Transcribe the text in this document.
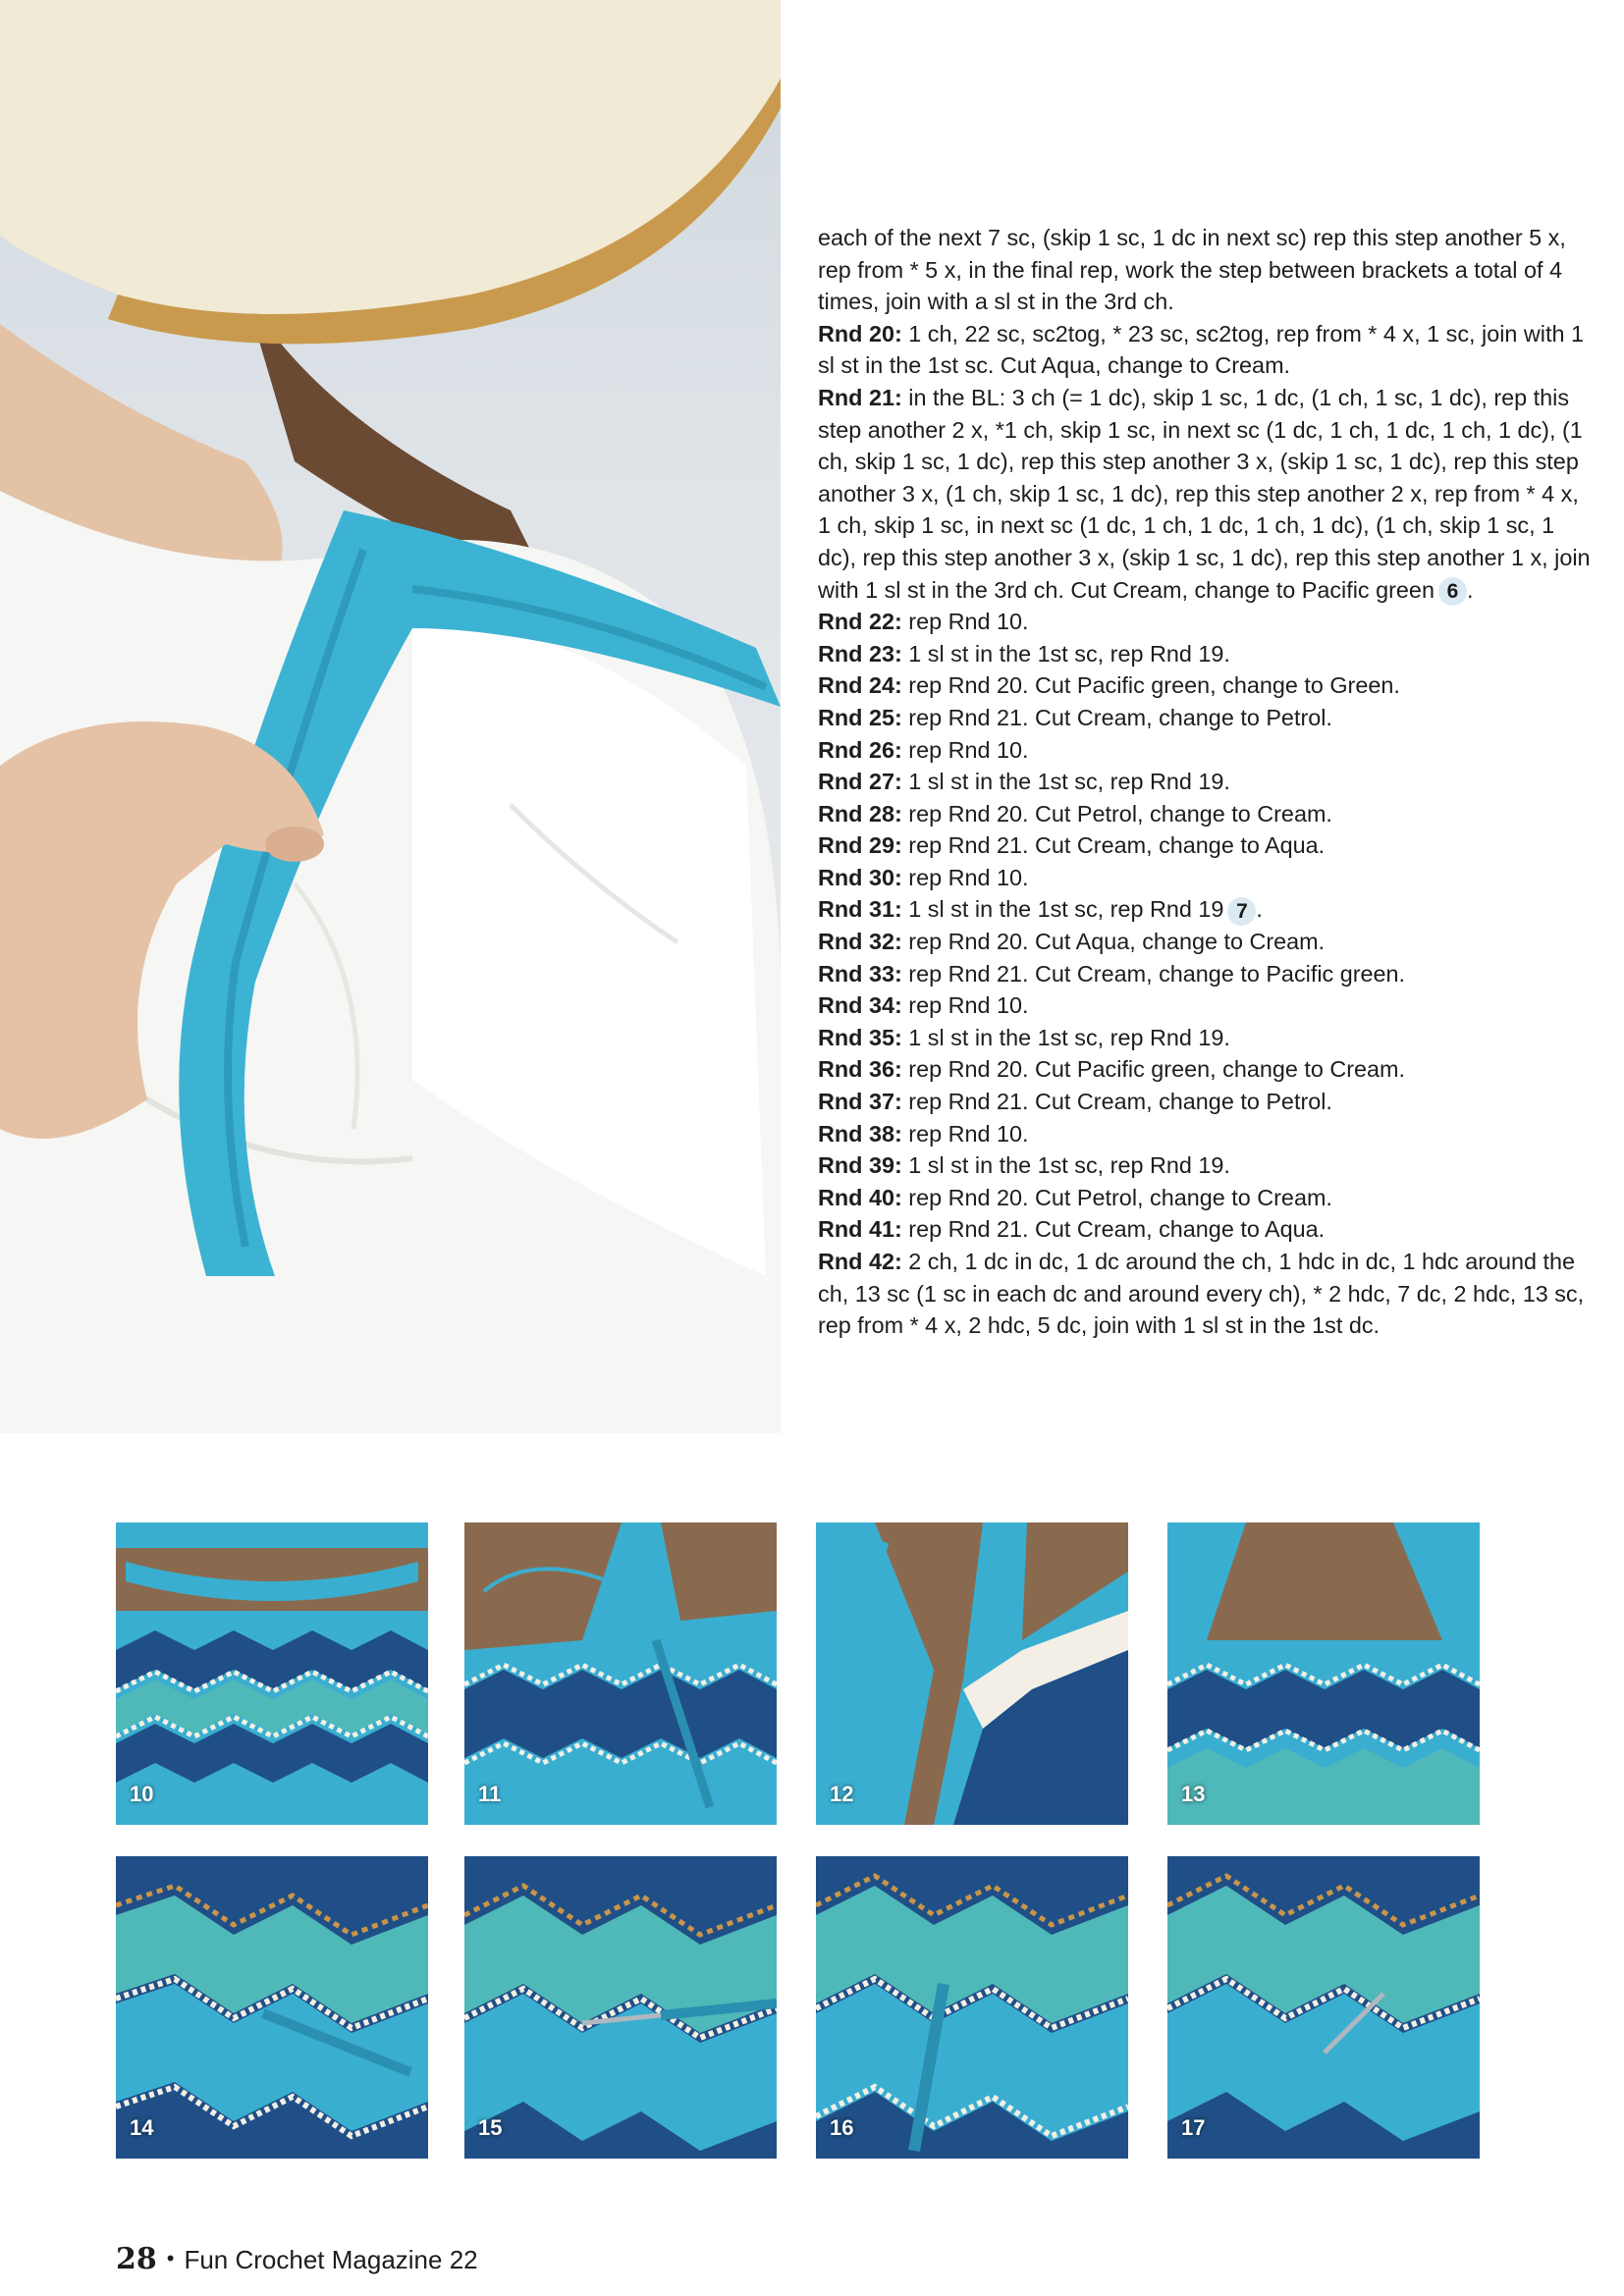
each of the next 7 sc, (skip 1 sc, 1 dc in next sc) rep this step another 5 x, rep from * 5 x, in the final rep, work the step between brackets a total of 4 times, join with a sl st in the 3rd ch.

Rnd 20: 1 ch, 22 sc, sc2tog, * 23 sc, sc2tog, rep from * 4 x, 1 sc, join with 1 sl st in the 1st sc. Cut Aqua, change to Cream.

Rnd 21: in the BL: 3 ch (= 1 dc), skip 1 sc, 1 dc, (1 ch, 1 sc, 1 dc), rep this step another 2 x, *1 ch, skip 1 sc, in next sc (1 dc, 1 ch, 1 dc, 1 ch, 1 dc), (1 ch, skip 1 sc, 1 dc), rep this step another 3 x, (skip 1 sc, 1 dc), rep this step another 3 x, (1 ch, skip 1 sc, 1 dc), rep this step another 2 x, rep from * 4 x, 1 ch, skip 1 sc, in next sc (1 dc, 1 ch, 1 dc, 1 ch, 1 dc), (1 ch, skip 1 sc, 1 dc), rep this step another 3 x, (skip 1 sc, 1 dc), rep this step another 1 x, join with 1 sl st in the 3rd ch. Cut Cream, change to Pacific green 6 .

Rnd 22: rep Rnd 10.

Rnd 23: 1 sl st in the 1st sc, rep Rnd 19.

Rnd 24: rep Rnd 20. Cut Pacific green, change to Green.

Rnd 25: rep Rnd 21. Cut Cream, change to Petrol.

Rnd 26: rep Rnd 10.

Rnd 27: 1 sl st in the 1st sc, rep Rnd 19.

Rnd 28: rep Rnd 20. Cut Petrol, change to Cream.

Rnd 29: rep Rnd 21. Cut Cream, change to Aqua.

Rnd 30: rep Rnd 10.

Rnd 31: 1 sl st in the 1st sc, rep Rnd 19 7 .

Rnd 32: rep Rnd 20. Cut Aqua, change to Cream.

Rnd 33: rep Rnd 21. Cut Cream, change to Pacific green.

Rnd 34: rep Rnd 10.

Rnd 35: 1 sl st in the 1st sc, rep Rnd 19.

Rnd 36: rep Rnd 20. Cut Pacific green, change to Cream.

Rnd 37: rep Rnd 21. Cut Cream, change to Petrol.

Rnd 38: rep Rnd 10.

Rnd 39: 1 sl st in the 1st sc, rep Rnd 19.

Rnd 40: rep Rnd 20. Cut Petrol, change to Cream.

Rnd 41: rep Rnd 21. Cut Cream, change to Aqua.

Rnd 42: 2 ch, 1 dc in dc, 1 dc around the ch, 1 hdc in dc, 1 hdc around the ch, 13 sc (1 sc in each dc and around every ch), * 2 hdc, 7 dc, 2 hdc, 13 sc, rep from * 4 x, 2 hdc, 5 dc, join with 1 sl st in the 1st dc.

10	11	12	13
14	15	16	17
28 • Fun Crochet Magazine 22
